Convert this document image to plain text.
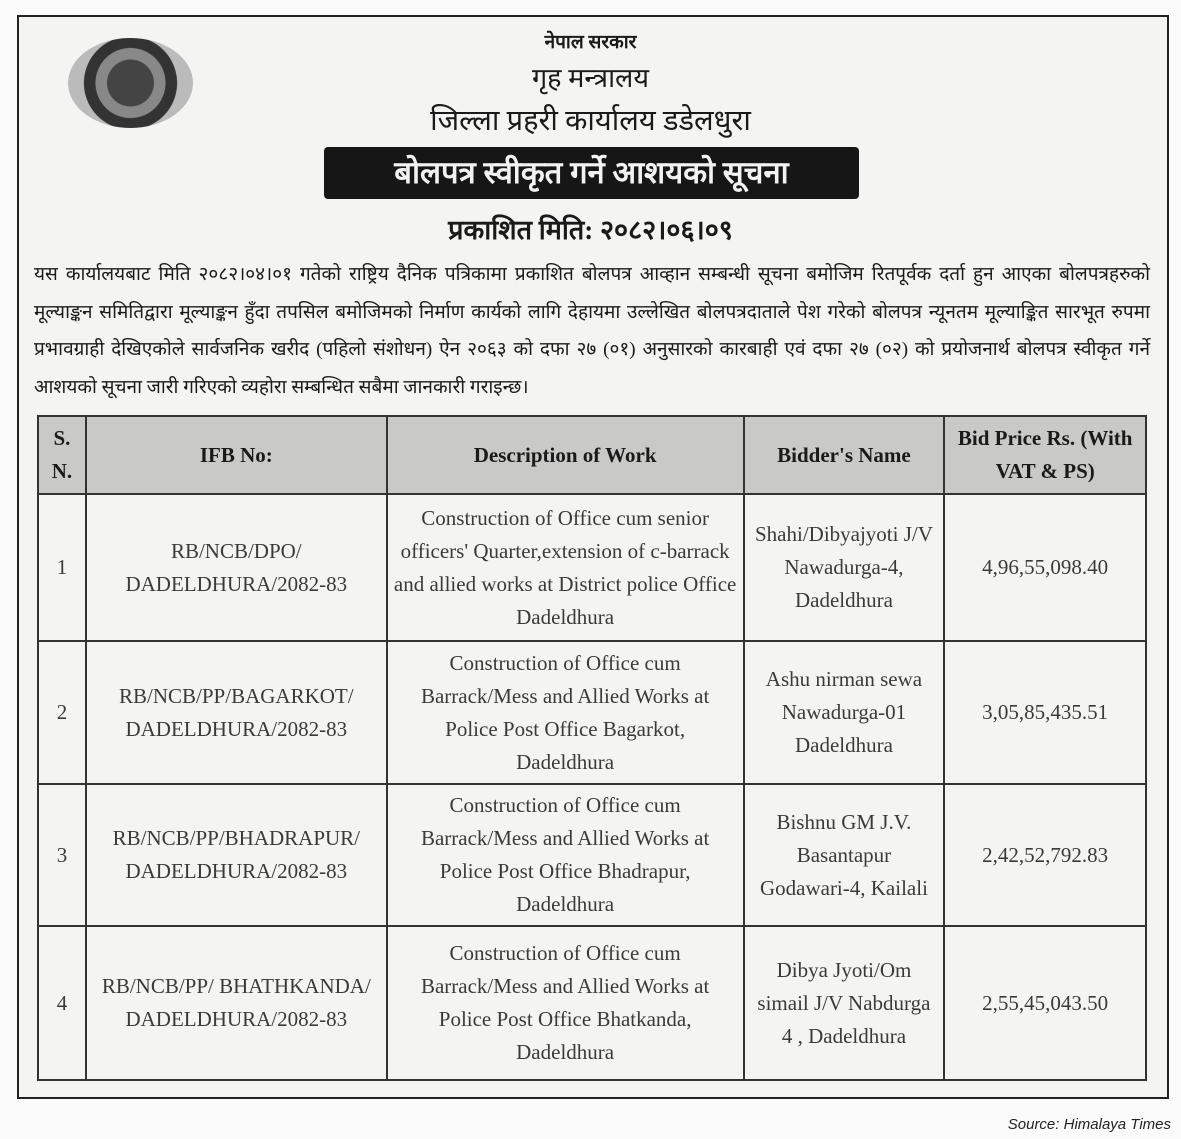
नेपाल सरकार
गृह मन्त्रालय
जिल्ला प्रहरी कार्यालय डडेलधुरा
बोलपत्र स्वीकृत गर्ने आशयको सूचना
प्रकाशित मिति: २०८२।०६।०९
यस कार्यालयबाट मिति २०८२।०४।०१ गतेको राष्ट्रिय दैनिक पत्रिकामा प्रकाशित बोलपत्र आव्हान सम्बन्धी सूचना बमोजिम रितपूर्वक दर्ता हुन आएका बोलपत्रहरुको मूल्याङ्कन समितिद्वारा मूल्याङ्कन हुँदा तपसिल बमोजिमको निर्माण कार्यको लागि देहायमा उल्लेखित बोलपत्रदाताले पेश गरेको बोलपत्र न्यूनतम मूल्याङ्कित सारभूत रुपमा प्रभावग्राही देखिएकोले सार्वजनिक खरीद (पहिलो संशोधन) ऐन २०६३ को दफा २७ (०१) अनुसारको कारबाही एवं दफा २७ (०२) को प्रयोजनार्थ बोलपत्र स्वीकृत गर्ने आशयको सूचना जारी गरिएको व्यहोरा सम्बन्धित सबैमा जानकारी गराइन्छ।
S. N.	IFB No:	Description of Work	Bidder's Name	Bid Price Rs. (With VAT & PS)
1	RB/NCB/DPO/ DADELDHURA/2082-83	Construction of Office cum senior officers' Quarter,extension of c-barrack and allied works at District police Office Dadeldhura	Shahi/Dibyajyoti J/V Nawadurga-4, Dadeldhura	4,96,55,098.40
2	RB/NCB/PP/BAGARKOT/ DADELDHURA/2082-83	Construction of Office cum Barrack/Mess and Allied Works at Police Post Office Bagarkot, Dadeldhura	Ashu nirman sewa Nawadurga-01 Dadeldhura	3,05,85,435.51
3	RB/NCB/PP/BHADRAPUR/ DADELDHURA/2082-83	Construction of Office cum Barrack/Mess and Allied Works at Police Post Office Bhadrapur, Dadeldhura	Bishnu GM J.V. Basantapur Godawari-4, Kailali	2,42,52,792.83
4	RB/NCB/PP/ BHATHKANDA/ DADELDHURA/2082-83	Construction of Office cum Barrack/Mess and Allied Works at Police Post Office Bhatkanda, Dadeldhura	Dibya Jyoti/Om simail J/V Nabdurga 4 , Dadeldhura	2,55,45,043.50
Source: Himalaya Times
